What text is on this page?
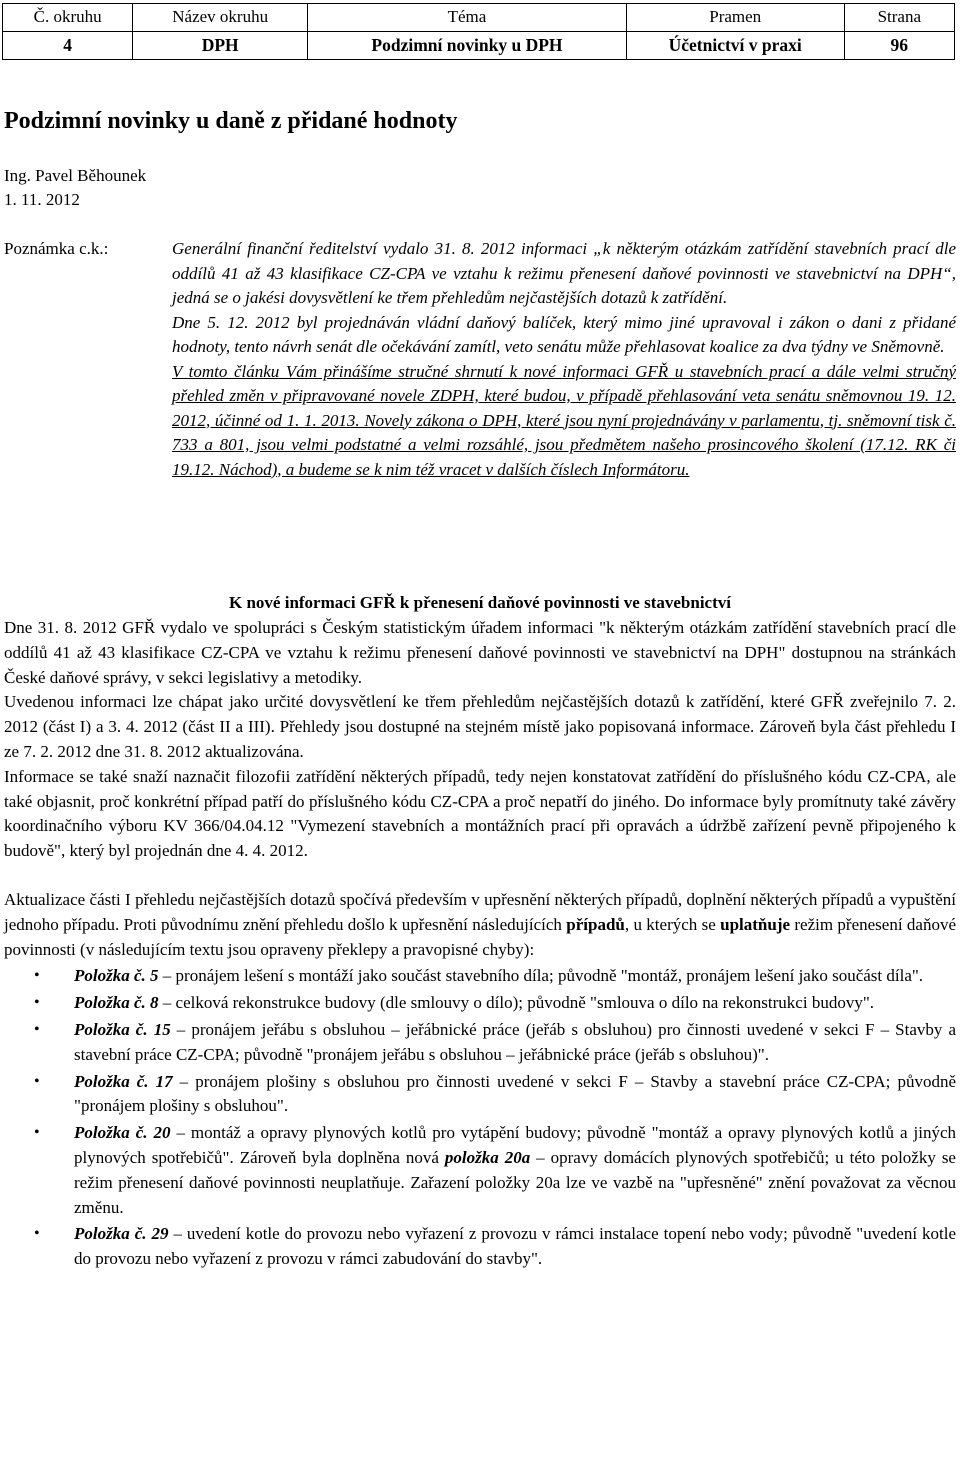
Č. okruhu	Název okruhu	Téma	Pramen	Strana
4	DPH	Podzimní novinky u DPH	Účetnictví v praxi	96
Podzimní novinky u daně z přidané hodnoty
Ing. Pavel Běhounek
1. 11. 2012
Poznámka c.k.:	Generální finanční ředitelství vydalo 31. 8. 2012 informaci „k některým otázkám zatřídění stavebních prací dle oddílů 41 až 43 klasifikace CZ-CPA ve vztahu k režimu přenesení daňové povinnosti ve stavebnictví na DPH“, jedná se o jakési dovysvětlení ke třem přehledům nejčastějších dotazů k zatřídění.

Dne 5. 12. 2012 byl projednáván vládní daňový balíček, který mimo jiné upravoval i zákon o dani z přidané hodnoty, tento návrh senát dle očekávání zamítl, veto senátu může přehlasovat koalice za dva týdny ve Sněmovně.

V tomto článku Vám přinášíme stručné shrnutí k nové informaci GFŘ u stavebních prací a dále velmi stručný přehled změn v připravované novele ZDPH, které budou, v případě přehlasování veta senátu sněmovnou 19. 12. 2012, účinné od 1. 1. 2013. Novely zákona o DPH, které jsou nyní projednávány v parlamentu, tj. sněmovní tisk č. 733 a 801, jsou velmi podstatné a velmi rozsáhlé, jsou předmětem našeho prosincového školení (17.12. RK či 19.12. Náchod), a budeme se k nim též vracet v dalších číslech Informátoru.

K nové informaci GFŘ k přenesení daňové povinnosti ve stavebnictví

Dne 31. 8. 2012 GFŘ vydalo ve spolupráci s Českým statistickým úřadem informaci "k některým otázkám zatřídění stavebních prací dle oddílů 41 až 43 klasifikace CZ-CPA ve vztahu k režimu přenesení daňové povinnosti ve stavebnictví na DPH" dostupnou na stránkách České daňové správy, v sekci legislativy a metodiky.

Uvedenou informaci lze chápat jako určité dovysvětlení ke třem přehledům nejčastějších dotazů k zatřídění, které GFŘ zveřejnilo 7. 2. 2012 (část I) a 3. 4. 2012 (část II a III). Přehledy jsou dostupné na stejném místě jako popisovaná informace. Zároveň byla část přehledu I ze 7. 2. 2012 dne 31. 8. 2012 aktualizována.

Informace se také snaží naznačit filozofii zatřídění některých případů, tedy nejen konstatovat zatřídění do příslušného kódu CZ-CPA, ale také objasnit, proč konkrétní případ patří do příslušného kódu CZ-CPA a proč nepatří do jiného. Do informace byly promítnuty také závěry koordinačního výboru KV 366/04.04.12 "Vymezení stavebních a montážních prací při opravách a údržbě zařízení pevně připojeného k budově", který byl projednán dne 4. 4. 2012.

Aktualizace části I přehledu nejčastějších dotazů spočívá především v upřesnění některých případů, doplnění některých případů a vypuštění jednoho případu. Proti původnímu znění přehledu došlo k upřesnění následujících případů, u kterých se uplatňuje režim přenesení daňové povinnosti (v následujícím textu jsou opraveny překlepy a pravopisné chyby):

• Položka č. 5 – pronájem lešení s montáží jako součást stavebního díla; původně "montáž, pronájem lešení jako součást díla".
• Položka č. 8 – celková rekonstrukce budovy (dle smlouvy o dílo); původně "smlouva o dílo na rekonstrukci budovy".
• Položka č. 15 – pronájem jeřábu s obsluhou – jeřábnické práce (jeřáb s obsluhou) pro činnosti uvedené v sekci F – Stavby a stavební práce CZ-CPA; původně "pronájem jeřábu s obsluhou – jeřábnické práce (jeřáb s obsluhou)".
• Položka č. 17 – pronájem plošiny s obsluhou pro činnosti uvedené v sekci F – Stavby a stavební práce CZ-CPA; původně "pronájem plošiny s obsluhou".
• Položka č. 20 – montáž a opravy plynových kotlů pro vytápění budovy; původně "montáž a opravy plynových kotlů a jiných plynových spotřebičů". Zároveň byla doplněna nová položka 20a – opravy domácích plynových spotřebičů; u této položky se režim přenesení daňové povinnosti neuplatňuje. Zařazení položky 20a lze ve vazbě na "upřesněné" znění považovat za věcnou změnu.
• Položka č. 29 – uvedení kotle do provozu nebo vyřazení z provozu v rámci instalace topení nebo vody; původně "uvedení kotle do provozu nebo vyřazení z provozu v rámci zabudování do stavby".
